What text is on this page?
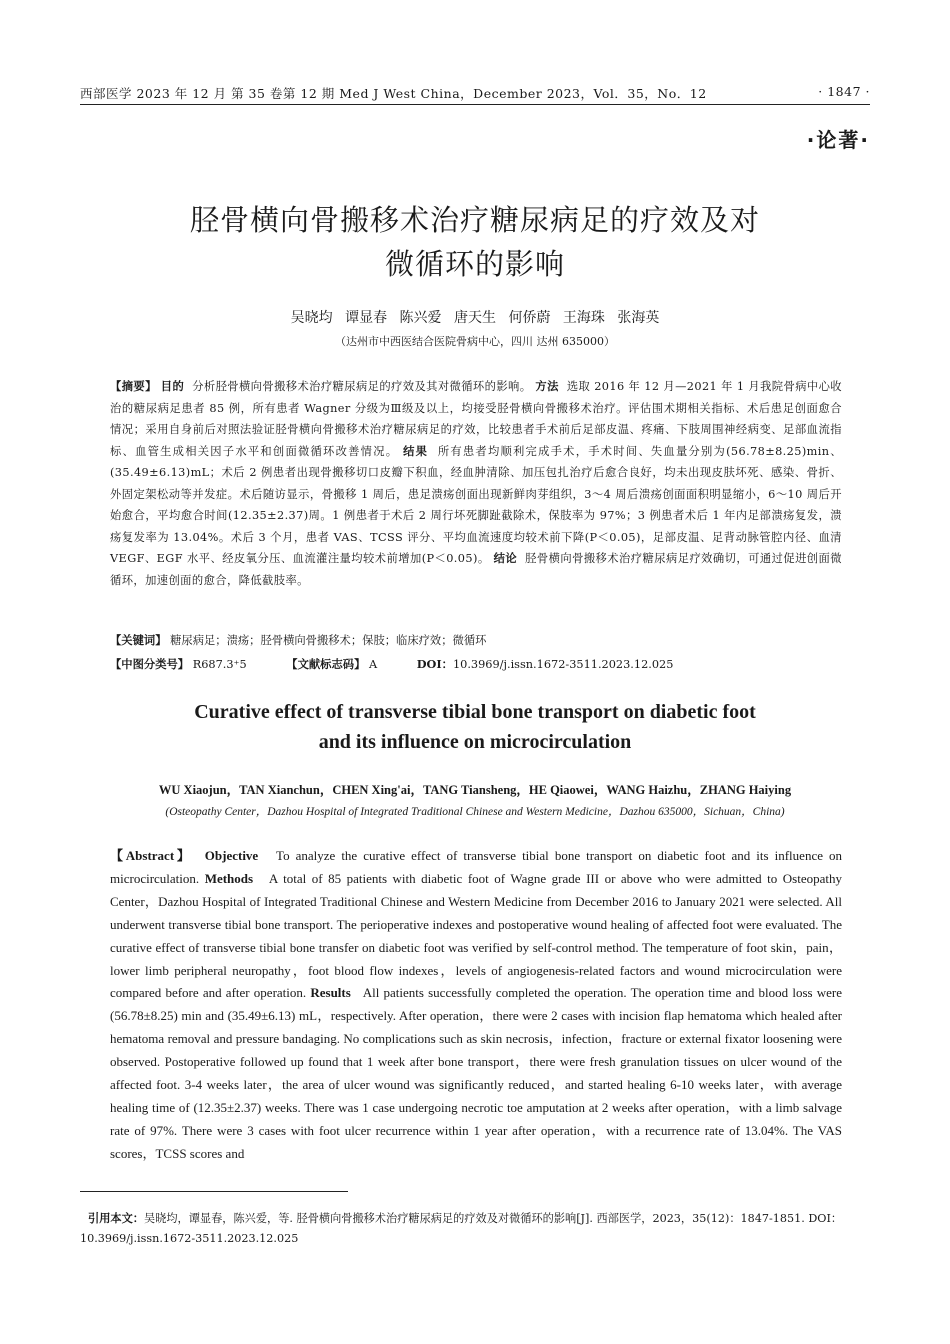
西部医学 2023 年 12 月 第 35 卷第 12 期 Med J West China，December 2023，Vol．35，No．12	· 1847 ·
·论著·
胫骨横向骨搬移术治疗糖尿病足的疗效及对
微循环的影响
吴晓均 谭显春 陈兴爱 唐天生 何侨蔚 王海珠 张海英
（达州市中西医结合医院骨病中心，四川 达州 635000）
【摘要】 目的 分析胫骨横向骨搬移术治疗糖尿病足的疗效及其对微循环的影响。 方法 选取 2016 年 12 月—2021 年 1 月我院骨病中心收治的糖尿病足患者 85 例，所有患者 Wagner 分级为Ⅲ级及以上，均接受胫骨横向骨搬移术治疗。评估围术期相关指标、术后患足创面愈合情况；采用自身前后对照法验证胫骨横向骨搬移术治疗糖尿病足的疗效，比较患者手术前后足部皮温、疼痛、下肢周围神经病变、足部血流指标、血管生成相关因子水平和创面微循环改善情况。 结果 所有患者均顺利完成手术，手术时间、失血量分别为(56.78±8.25)min、(35.49±6.13)mL；术后 2 例患者出现骨搬移切口皮瓣下积血，经血肿清除、加压包扎治疗后愈合良好，均未出现皮肤坏死、感染、骨折、外固定架松动等并发症。术后随访显示，骨搬移 1 周后，患足溃疡创面出现新鲜肉芽组织，3～4 周后溃疡创面面积明显缩小，6～10 周后开始愈合，平均愈合时间(12.35±2.37)周。1 例患者于术后 2 周行坏死脚趾截除术，保肢率为 97%；3 例患者术后 1 年内足部溃疡复发，溃疡复发率为 13.04%。术后 3 个月，患者 VAS、TCSS 评分、平均血流速度均较术前下降(P＜0.05)，足部皮温、足背动脉管腔内径、血清 VEGF、EGF 水平、经皮氧分压、血流灌注量均较术前增加(P＜0.05)。 结论 胫骨横向骨搬移术治疗糖尿病足疗效确切，可通过促进创面微循环，加速创面的愈合，降低截肢率。
【关键词】 糖尿病足；溃疡；胫骨横向骨搬移术；保肢；临床疗效；微循环
【中图分类号】 R687.3⁺5	【文献标志码】 A	DOI：10.3969/j.issn.1672-3511.2023.12.025
Curative effect of transverse tibial bone transport on diabetic foot
and its influence on microcirculation
WU Xiaojun，TAN Xianchun，CHEN Xing'ai，TANG Tiansheng，HE Qiaowei，WANG Haizhu，ZHANG Haiying
(Osteopathy Center，Dazhou Hospital of Integrated Traditional Chinese and Western Medicine，Dazhou 635000，Sichuan，China)
【Abstract】 Objective To analyze the curative effect of transverse tibial bone transport on diabetic foot and its influence on microcirculation. Methods A total of 85 patients with diabetic foot of Wagne grade III or above who were admitted to Osteopathy Center，Dazhou Hospital of Integrated Traditional Chinese and Western Medicine from December 2016 to January 2021 were selected. All underwent transverse tibial bone transport. The perioperative indexes and postoperative wound healing of affected foot were evaluated. The curative effect of transverse tibial bone transfer on diabetic foot was verified by self-control method. The temperature of foot skin，pain，lower limb peripheral neuropathy，foot blood flow indexes，levels of angiogenesis-related factors and wound microcirculation were compared before and after operation. Results All patients successfully completed the operation. The operation time and blood loss were (56.78±8.25) min and (35.49±6.13) mL，respectively. After operation，there were 2 cases with incision flap hematoma which healed after hematoma removal and pressure bandaging. No complications such as skin necrosis，infection，fracture or external fixator loosening were observed. Postoperative followed up found that 1 week after bone transport，there were fresh granulation tissues on ulcer wound of the affected foot. 3-4 weeks later，the area of ulcer wound was significantly reduced，and started healing 6-10 weeks later，with average healing time of (12.35±2.37) weeks. There was 1 case undergoing necrotic toe amputation at 2 weeks after operation，with a limb salvage rate of 97%. There were 3 cases with foot ulcer recurrence within 1 year after operation，with a recurrence rate of 13.04%. The VAS scores，TCSS scores and
引用本文：吴晓均，谭显春，陈兴爱，等. 胫骨横向骨搬移术治疗糖尿病足的疗效及对微循环的影响[J]. 西部医学，2023，35(12)：1847-1851. DOI：10.3969/j.issn.1672-3511.2023.12.025
